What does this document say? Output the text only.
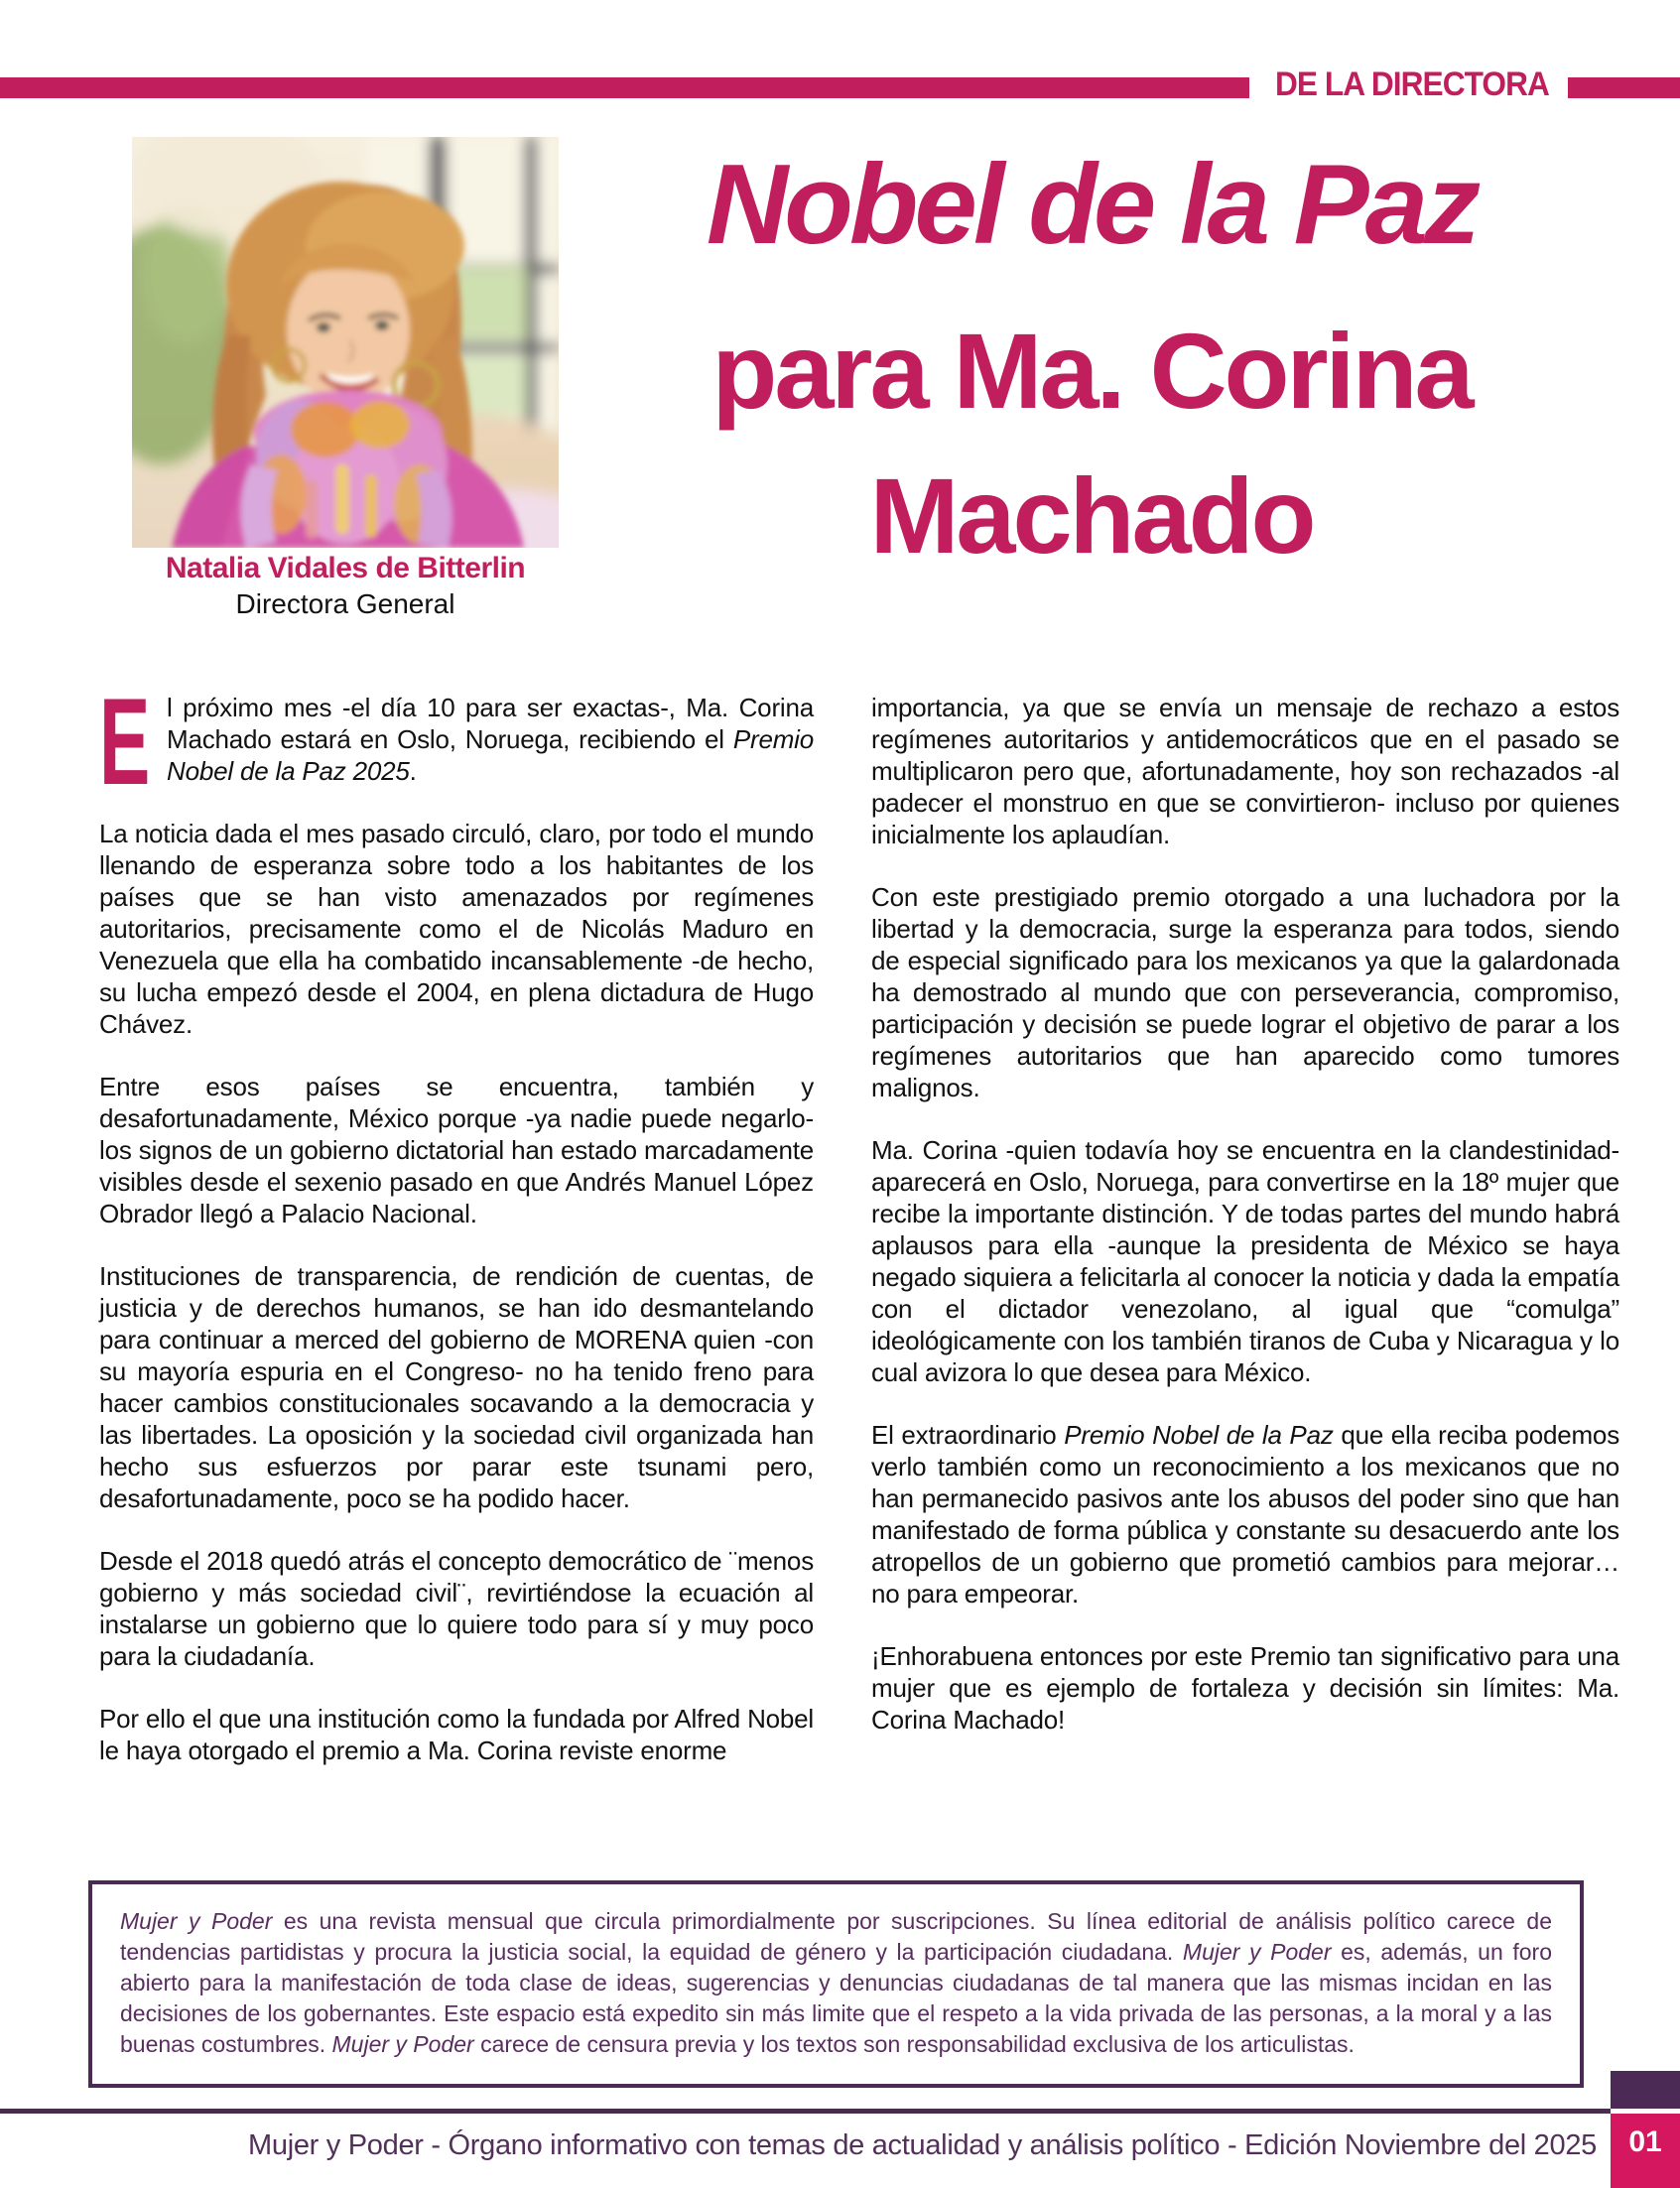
DE LA DIRECTORA
Natalia Vidales de Bitterlin
Directora General
Nobel de la Paz
para Ma. Corina
Machado

El próximo mes -el día 10 para ser exactas-, Ma. Corina Machado estará en Oslo, Noruega, recibiendo el Premio Nobel de la Paz 2025.

La noticia dada el mes pasado circuló, claro, por todo el mundo llenando de esperanza sobre todo a los habitantes de los países que se han visto amenazados por regímenes autoritarios, precisamente como el de Nicolás Maduro en Venezuela que ella ha combatido incansablemente -de hecho, su lucha empezó desde el 2004, en plena dictadura de Hugo Chávez.

Entre esos países se encuentra, también y desafortunadamente, México porque -ya nadie puede negarlo- los signos de un gobierno dictatorial han estado marcadamente visibles desde el sexenio pasado en que Andrés Manuel López Obrador llegó a Palacio Nacional.

Instituciones de transparencia, de rendición de cuentas, de justicia y de derechos humanos, se han ido desmantelando para continuar a merced del gobierno de MORENA quien -con su mayoría espuria en el Congreso- no ha tenido freno para hacer cambios constitucionales socavando a la democracia y las libertades. La oposición y la sociedad civil organizada han hecho sus esfuerzos por parar este tsunami pero, desafortunadamente, poco se ha podido hacer.

Desde el 2018 quedó atrás el concepto democrático de ¨menos gobierno y más sociedad civil¨, revirtiéndose la ecuación al instalarse un gobierno que lo quiere todo para sí y muy poco para la ciudadanía.

Por ello el que una institución como la fundada por Alfred Nobel le haya otorgado el premio a Ma. Corina reviste enorme

importancia, ya que se envía un mensaje de rechazo a estos regímenes autoritarios y antidemocráticos que en el pasado se multiplicaron pero que, afortunadamente, hoy son rechazados -al padecer el monstruo en que se convirtieron- incluso por quienes inicialmente los aplaudían.

Con este prestigiado premio otorgado a una luchadora por la libertad y la democracia, surge la esperanza para todos, siendo de especial significado para los mexicanos ya que la galardonada ha demostrado al mundo que con perseverancia, compromiso, participación y decisión se puede lograr el objetivo de parar a los regímenes autoritarios que han aparecido como tumores malignos.

Ma. Corina -quien todavía hoy se encuentra en la clandestinidad- aparecerá en Oslo, Noruega, para convertirse en la 18º mujer que recibe la importante distinción. Y de todas partes del mundo habrá aplausos para ella -aunque la presidenta de México se haya negado siquiera a felicitarla al conocer la noticia y dada la empatía con el dictador venezolano, al igual que “comulga” ideológicamente con los también tiranos de Cuba y Nicaragua y lo cual avizora lo que desea para México.

El extraordinario Premio Nobel de la Paz que ella reciba podemos verlo también como un reconocimiento a los mexicanos que no han permanecido pasivos ante los abusos del poder sino que han manifestado de forma pública y constante su desacuerdo ante los atropellos de un gobierno que prometió cambios para mejorar… no para empeorar.

¡Enhorabuena entonces por este Premio tan significativo para una mujer que es ejemplo de fortaleza y decisión sin límites: Ma. Corina Machado!

Mujer y Poder es una revista mensual que circula primordialmente por suscripciones. Su línea editorial de análisis político carece de tendencias partidistas y procura la justicia social, la equidad de género y la participación ciudadana. Mujer y Poder es, además, un foro abierto para la manifestación de toda clase de ideas, sugerencias y denuncias ciudadanas de tal manera que las mismas incidan en las decisiones de los gobernantes. Este espacio está expedito sin más limite que el respeto a la vida privada de las personas, a la moral y a las buenas costumbres. Mujer y Poder carece de censura previa y los textos son responsabilidad exclusiva de los articulistas.
Mujer y Poder - Órgano informativo con temas de actualidad y análisis político - Edición Noviembre del 2025	01
